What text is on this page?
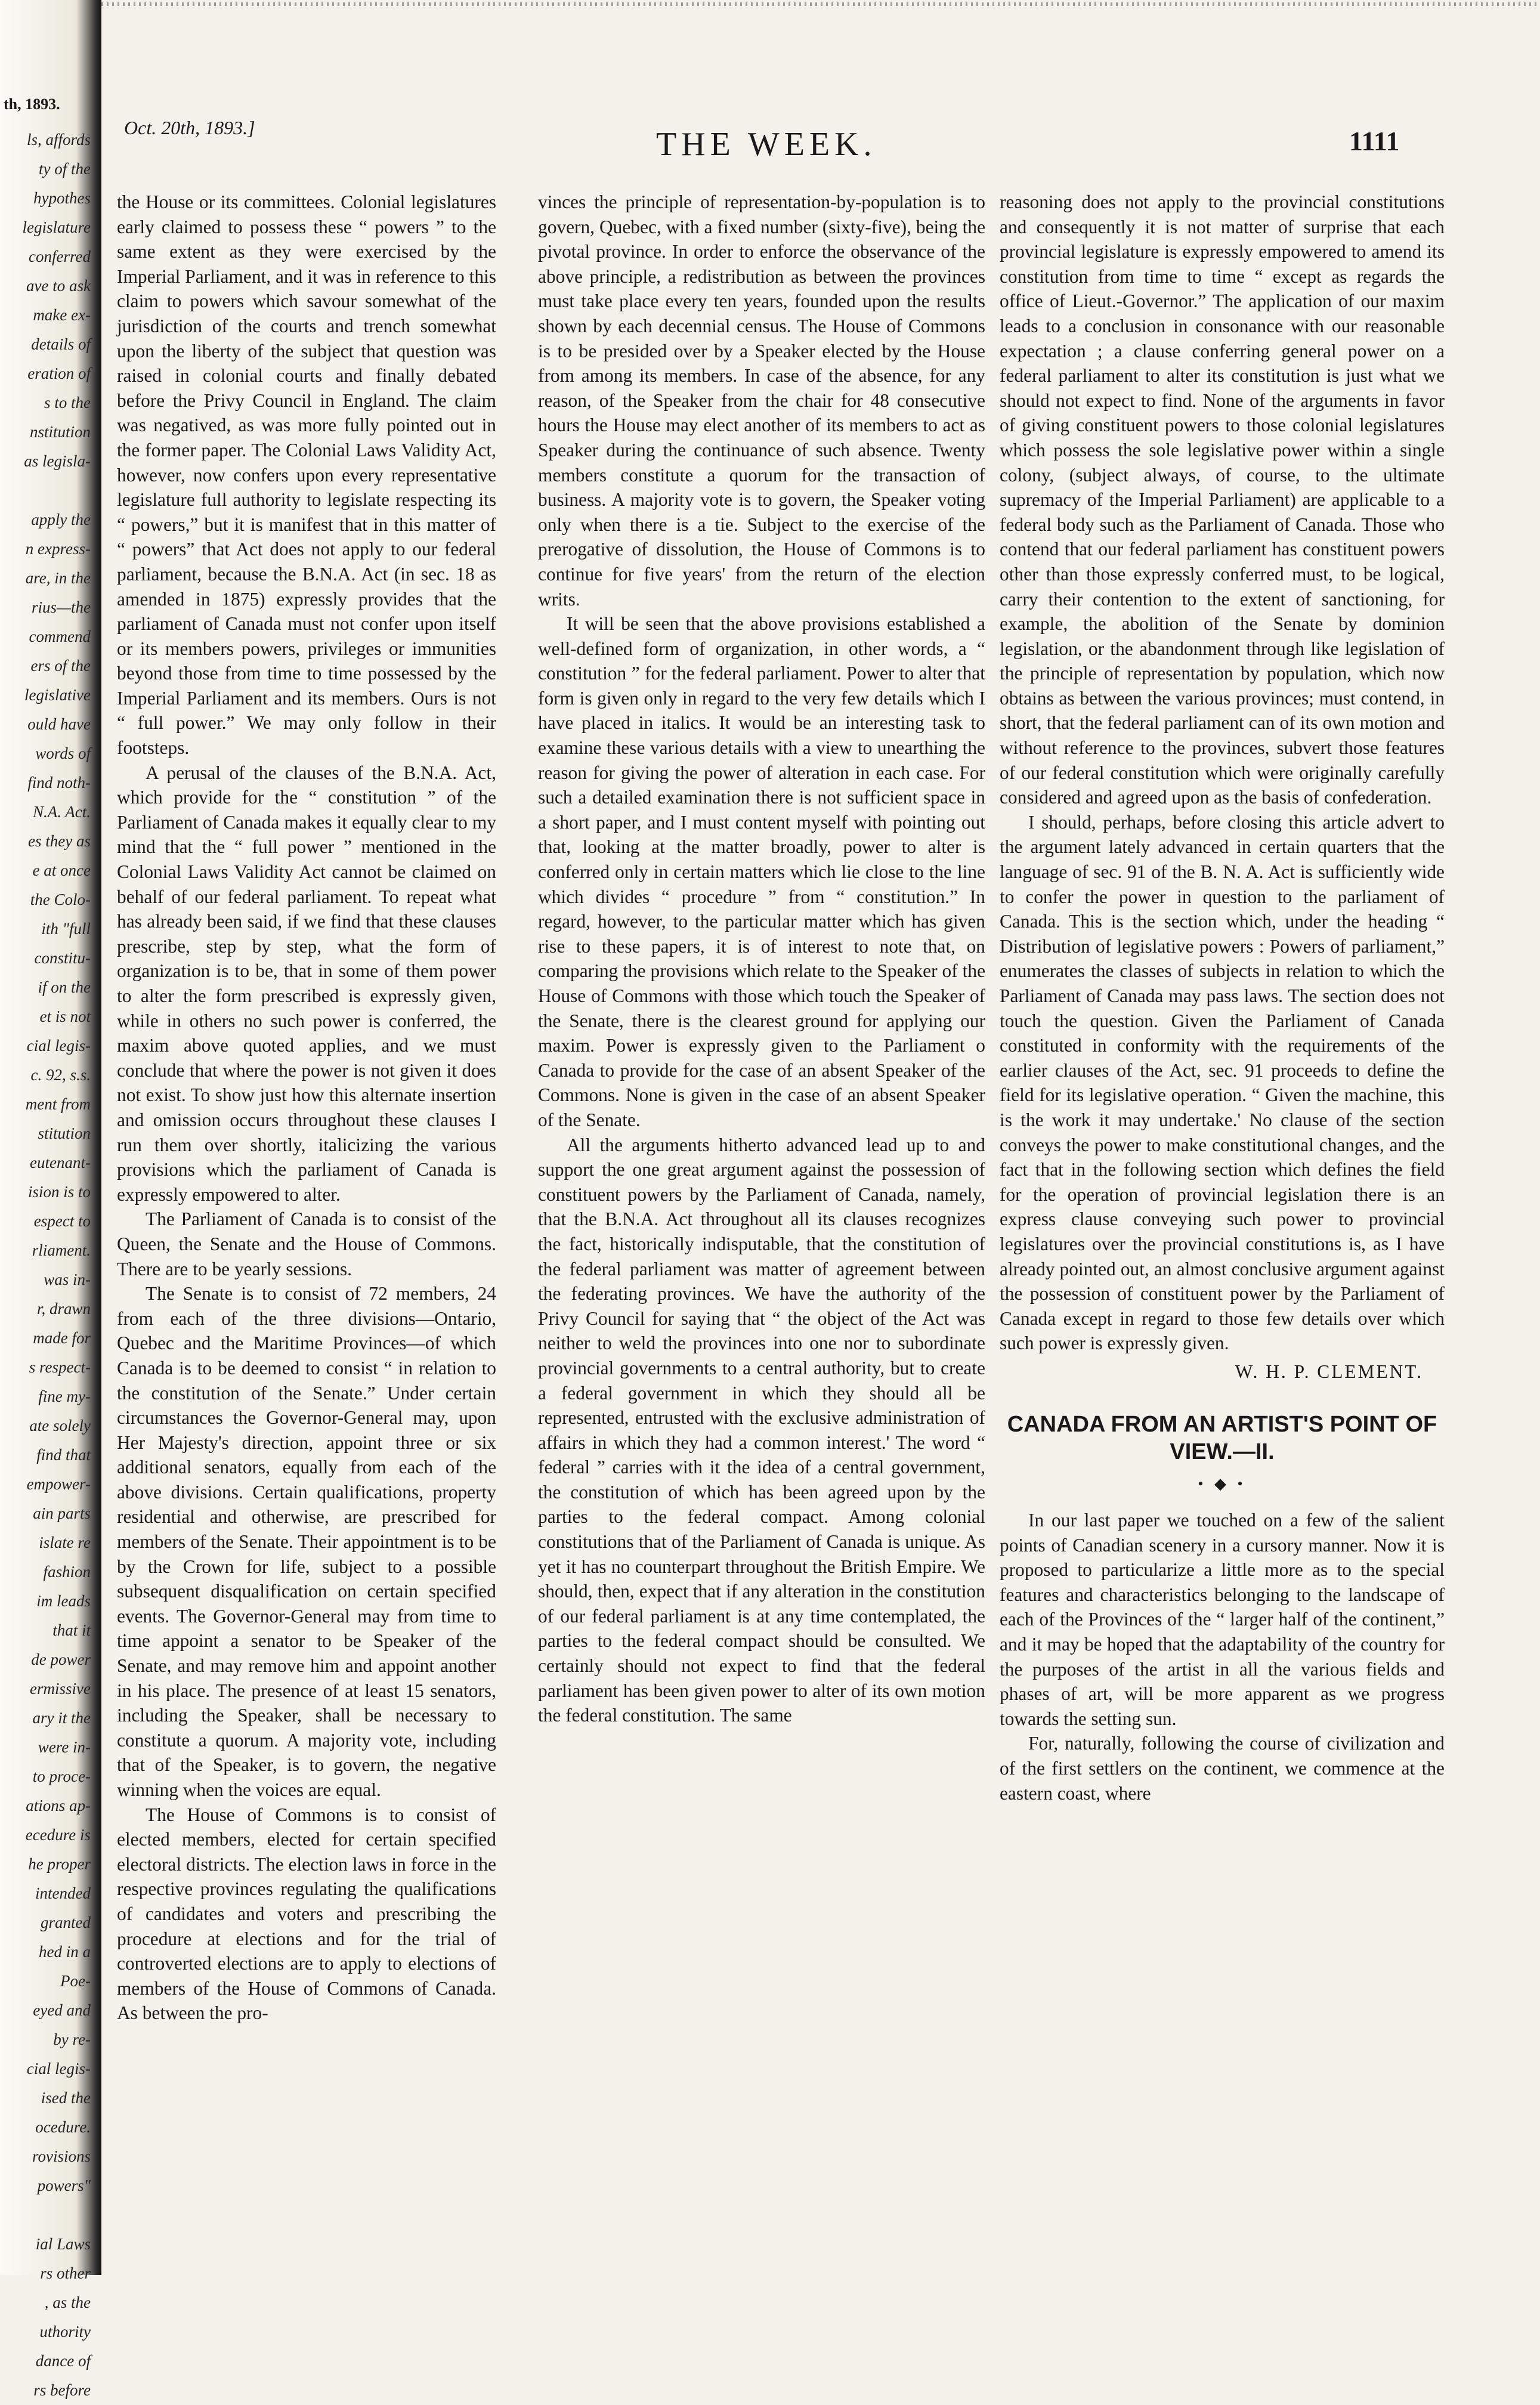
th, 1893.
ls, affords
ty of the
hypothes
legislature
conferred
ave to ask
make ex-
details of
eration of
s to the
nstitution
as legisla-

apply the
n express-
are, in the
rius—the
commend
ers of the
legislative
ould have
words of
find noth-
N.A. Act.
es they as
e at once
the Colo-
ith "full
constitu-
if on the
et is not
cial legis-
c. 92, s.s.
ment from
stitution
eutenant-
ision is to
espect to
rliament.
was in-
r, drawn
made for
s respect-
fine my-
ate solely
find that
empower-
ain parts
islate re
fashion
im leads
that it
de power
ermissive
ary it the
were in-
to proce-
ations ap-
ecedure is
he proper
intended
granted
hed in a
Poe-
eyed and
by re-
cial legis-
ised the
ocedure.
rovisions
powers"

ial Laws
rs other
, as the
uthority
dance of
rs before
Oct. 20th, 1893.]	THE WEEK.	1111

the House or its committees. Colonial legislatures early claimed to possess these “ powers ” to the same extent as they were exercised by the Imperial Parliament, and it was in reference to this claim to powers which savour somewhat of the jurisdiction of the courts and trench somewhat upon the liberty of the subject that question was raised in colonial courts and finally debated before the Privy Council in England. The claim was negatived, as was more fully pointed out in the former paper. The Colonial Laws Validity Act, however, now confers upon every representative legislature full authority to legislate respecting its “ powers,” but it is manifest that in this matter of “ powers” that Act does not apply to our federal parliament, because the B.N.A. Act (in sec. 18 as amended in 1875) expressly provides that the parliament of Canada must not confer upon itself or its members powers, privileges or immunities beyond those from time to time possessed by the Imperial Parliament and its members. Ours is not “ full power.” We may only follow in their footsteps.

A perusal of the clauses of the B.N.A. Act, which provide for the “ constitution ” of the Parliament of Canada makes it equally clear to my mind that the “ full power ” mentioned in the Colonial Laws Validity Act cannot be claimed on behalf of our federal parliament. To repeat what has already been said, if we find that these clauses prescribe, step by step, what the form of organization is to be, that in some of them power to alter the form prescribed is expressly given, while in others no such power is conferred, the maxim above quoted applies, and we must conclude that where the power is not given it does not exist. To show just how this alternate insertion and omission occurs throughout these clauses I run them over shortly, italicizing the various provisions which the parliament of Canada is expressly empowered to alter.

The Parliament of Canada is to consist of the Queen, the Senate and the House of Commons. There are to be yearly sessions.

The Senate is to consist of 72 members, 24 from each of the three divisions—Ontario, Quebec and the Maritime Provinces—of which Canada is to be deemed to consist “ in relation to the constitution of the Senate.” Under certain circumstances the Governor-General may, upon Her Majesty's direction, appoint three or six additional senators, equally from each of the above divisions. Certain qualifications, property residential and otherwise, are prescribed for members of the Senate. Their appointment is to be by the Crown for life, subject to a possible subsequent disqualification on certain specified events. The Governor-General may from time to time appoint a senator to be Speaker of the Senate, and may remove him and appoint another in his place. The presence of at least 15 senators, including the Speaker, shall be necessary to constitute a quorum. A majority vote, including that of the Speaker, is to govern, the negative winning when the voices are equal.

The House of Commons is to consist of elected members, elected for certain specified electoral districts. The election laws in force in the respective provinces regulating the qualifications of candidates and voters and prescribing the procedure at elections and for the trial of controverted elections are to apply to elections of members of the House of Commons of Canada. As between the pro-

vinces the principle of representation-by-population is to govern, Quebec, with a fixed number (sixty-five), being the pivotal province. In order to enforce the observance of the above principle, a redistribution as between the provinces must take place every ten years, founded upon the results shown by each decennial census. The House of Commons is to be presided over by a Speaker elected by the House from among its members. In case of the absence, for any reason, of the Speaker from the chair for 48 consecutive hours the House may elect another of its members to act as Speaker during the continuance of such absence. Twenty members constitute a quorum for the transaction of business. A majority vote is to govern, the Speaker voting only when there is a tie. Subject to the exercise of the prerogative of dissolution, the House of Commons is to continue for five years' from the return of the election writs.

It will be seen that the above provisions established a well-defined form of organization, in other words, a “ constitution ” for the federal parliament. Power to alter that form is given only in regard to the very few details which I have placed in italics. It would be an interesting task to examine these various details with a view to unearthing the reason for giving the power of alteration in each case. For such a detailed examination there is not sufficient space in a short paper, and I must content myself with pointing out that, looking at the matter broadly, power to alter is conferred only in certain matters which lie close to the line which divides “ procedure ” from “ constitution.” In regard, however, to the particular matter which has given rise to these papers, it is of interest to note that, on comparing the provisions which relate to the Speaker of the House of Commons with those which touch the Speaker of the Senate, there is the clearest ground for applying our maxim. Power is expressly given to the Parliament o Canada to provide for the case of an absent Speaker of the Commons. None is given in the case of an absent Speaker of the Senate.

All the arguments hitherto advanced lead up to and support the one great argument against the possession of constituent powers by the Parliament of Canada, namely, that the B.N.A. Act throughout all its clauses recognizes the fact, historically indisputable, that the constitution of the federal parliament was matter of agreement between the federating provinces. We have the authority of the Privy Council for saying that “ the object of the Act was neither to weld the provinces into one nor to subordinate provincial governments to a central authority, but to create a federal government in which they should all be represented, entrusted with the exclusive administration of affairs in which they had a common interest.' The word “ federal ” carries with it the idea of a central government, the constitution of which has been agreed upon by the parties to the federal compact. Among colonial constitutions that of the Parliament of Canada is unique. As yet it has no counterpart throughout the British Empire. We should, then, expect that if any alteration in the constitution of our federal parliament is at any time contemplated, the parties to the federal compact should be consulted. We certainly should not expect to find that the federal parliament has been given power to alter of its own motion the federal constitution. The same

reasoning does not apply to the provincial constitutions and consequently it is not matter of surprise that each provincial legislature is expressly empowered to amend its constitution from time to time “ except as regards the office of Lieut.-Governor.” The application of our maxim leads to a conclusion in consonance with our reasonable expectation ; a clause conferring general power on a federal parliament to alter its constitution is just what we should not expect to find. None of the arguments in favor of giving constituent powers to those colonial legislatures which possess the sole legislative power within a single colony, (subject always, of course, to the ultimate supremacy of the Imperial Parliament) are applicable to a federal body such as the Parliament of Canada. Those who contend that our federal parliament has constituent powers other than those expressly conferred must, to be logical, carry their contention to the extent of sanctioning, for example, the abolition of the Senate by dominion legislation, or the abandonment through like legislation of the principle of representation by population, which now obtains as between the various provinces; must contend, in short, that the federal parliament can of its own motion and without reference to the provinces, subvert those features of our federal constitution which were originally carefully considered and agreed upon as the basis of confederation.

I should, perhaps, before closing this article advert to the argument lately advanced in certain quarters that the language of sec. 91 of the B. N. A. Act is sufficiently wide to confer the power in question to the parliament of Canada. This is the section which, under the heading “ Distribution of legislative powers : Powers of parliament,” enumerates the classes of subjects in relation to which the Parliament of Canada may pass laws. The section does not touch the question. Given the Parliament of Canada constituted in conformity with the requirements of the earlier clauses of the Act, sec. 91 proceeds to define the field for its legislative operation. “ Given the machine, this is the work it may undertake.' No clause of the section conveys the power to make constitutional changes, and the fact that in the following section which defines the field for the operation of provincial legislation there is an express clause conveying such power to provincial legislatures over the provincial constitutions is, as I have already pointed out, an almost conclusive argument against the possession of constituent power by the Parliament of Canada except in regard to those few details over which such power is expressly given.

W. H. P. CLEMENT.

CANADA FROM AN ARTIST'S POINT OF VIEW.—II.
• ◆ •

In our last paper we touched on a few of the salient points of Canadian scenery in a cursory manner. Now it is proposed to particularize a little more as to the special features and characteristics belonging to the landscape of each of the Provinces of the “ larger half of the continent,” and it may be hoped that the adaptability of the country for the purposes of the artist in all the various fields and phases of art, will be more apparent as we progress towards the setting sun.

For, naturally, following the course of civilization and of the first settlers on the continent, we commence at the eastern coast, where
